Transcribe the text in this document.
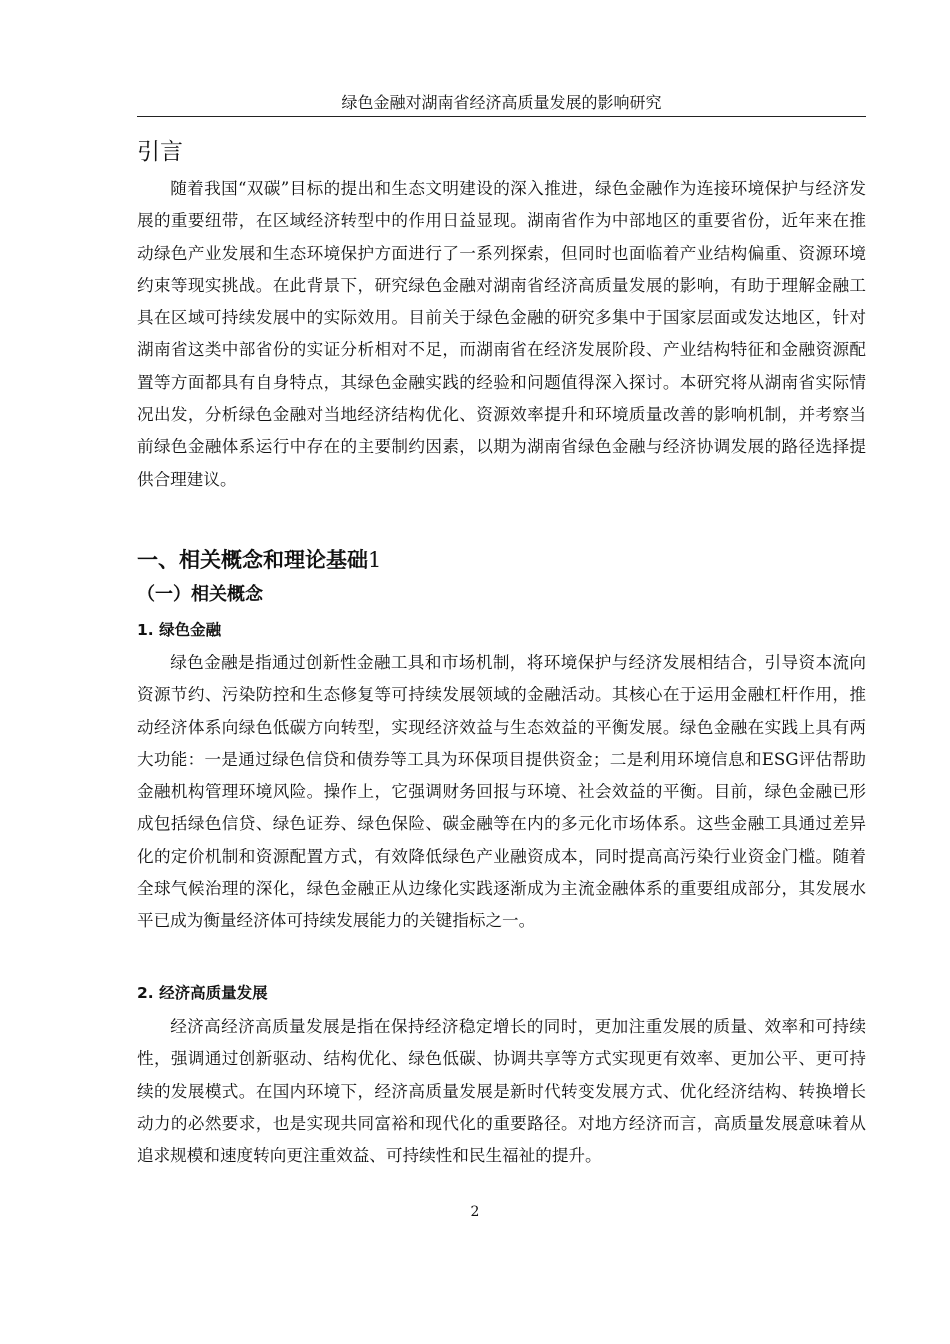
绿色金融对湖南省经济高质量发展的影响研究
引言

随着我国“双碳”目标的提出和生态文明建设的深入推进，绿色金融作为连接环境保护与经济发展的重要纽带，在区域经济转型中的作用日益显现。湖南省作为中部地区的重要省份，近年来在推动绿色产业发展和生态环境保护方面进行了一系列探索，但同时也面临着产业结构偏重、资源环境约束等现实挑战。在此背景下，研究绿色金融对湖南省经济高质量发展的影响，有助于理解金融工具在区域可持续发展中的实际效用。目前关于绿色金融的研究多集中于国家层面或发达地区，针对湖南省这类中部省份的实证分析相对不足，而湖南省在经济发展阶段、产业结构特征和金融资源配置等方面都具有自身特点，其绿色金融实践的经验和问题值得深入探讨。本研究将从湖南省实际情况出发，分析绿色金融对当地经济结构优化、资源效率提升和环境质量改善的影响机制，并考察当前绿色金融体系运行中存在的主要制约因素，以期为湖南省绿色金融与经济协调发展的路径选择提供合理建议。

一、相关概念和理论基础1
（一）相关概念
1. 绿色金融

绿色金融是指通过创新性金融工具和市场机制，将环境保护与经济发展相结合，引导资本流向资源节约、污染防控和生态修复等可持续发展领域的金融活动。其核心在于运用金融杠杆作用，推动经济体系向绿色低碳方向转型，实现经济效益与生态效益的平衡发展。绿色金融在实践上具有两大功能：一是通过绿色信贷和债券等工具为环保项目提供资金；二是利用环境信息和ESG评估帮助金融机构管理环境风险。操作上，它强调财务回报与环境、社会效益的平衡。目前，绿色金融已形成包括绿色信贷、绿色证券、绿色保险、碳金融等在内的多元化市场体系。这些金融工具通过差异化的定价机制和资源配置方式，有效降低绿色产业融资成本，同时提高高污染行业资金门槛。随着全球气候治理的深化，绿色金融正从边缘化实践逐渐成为主流金融体系的重要组成部分，其发展水平已成为衡量经济体可持续发展能力的关键指标之一。

2. 经济高质量发展

经济高经济高质量发展是指在保持经济稳定增长的同时，更加注重发展的质量、效率和可持续性，强调通过创新驱动、结构优化、绿色低碳、协调共享等方式实现更有效率、更加公平、更可持续的发展模式。在国内环境下，经济高质量发展是新时代转变发展方式、优化经济结构、转换增长动力的必然要求，也是实现共同富裕和现代化的重要路径。对地方经济而言，高质量发展意味着从追求规模和速度转向更注重效益、可持续性和民生福祉的提升。

2
